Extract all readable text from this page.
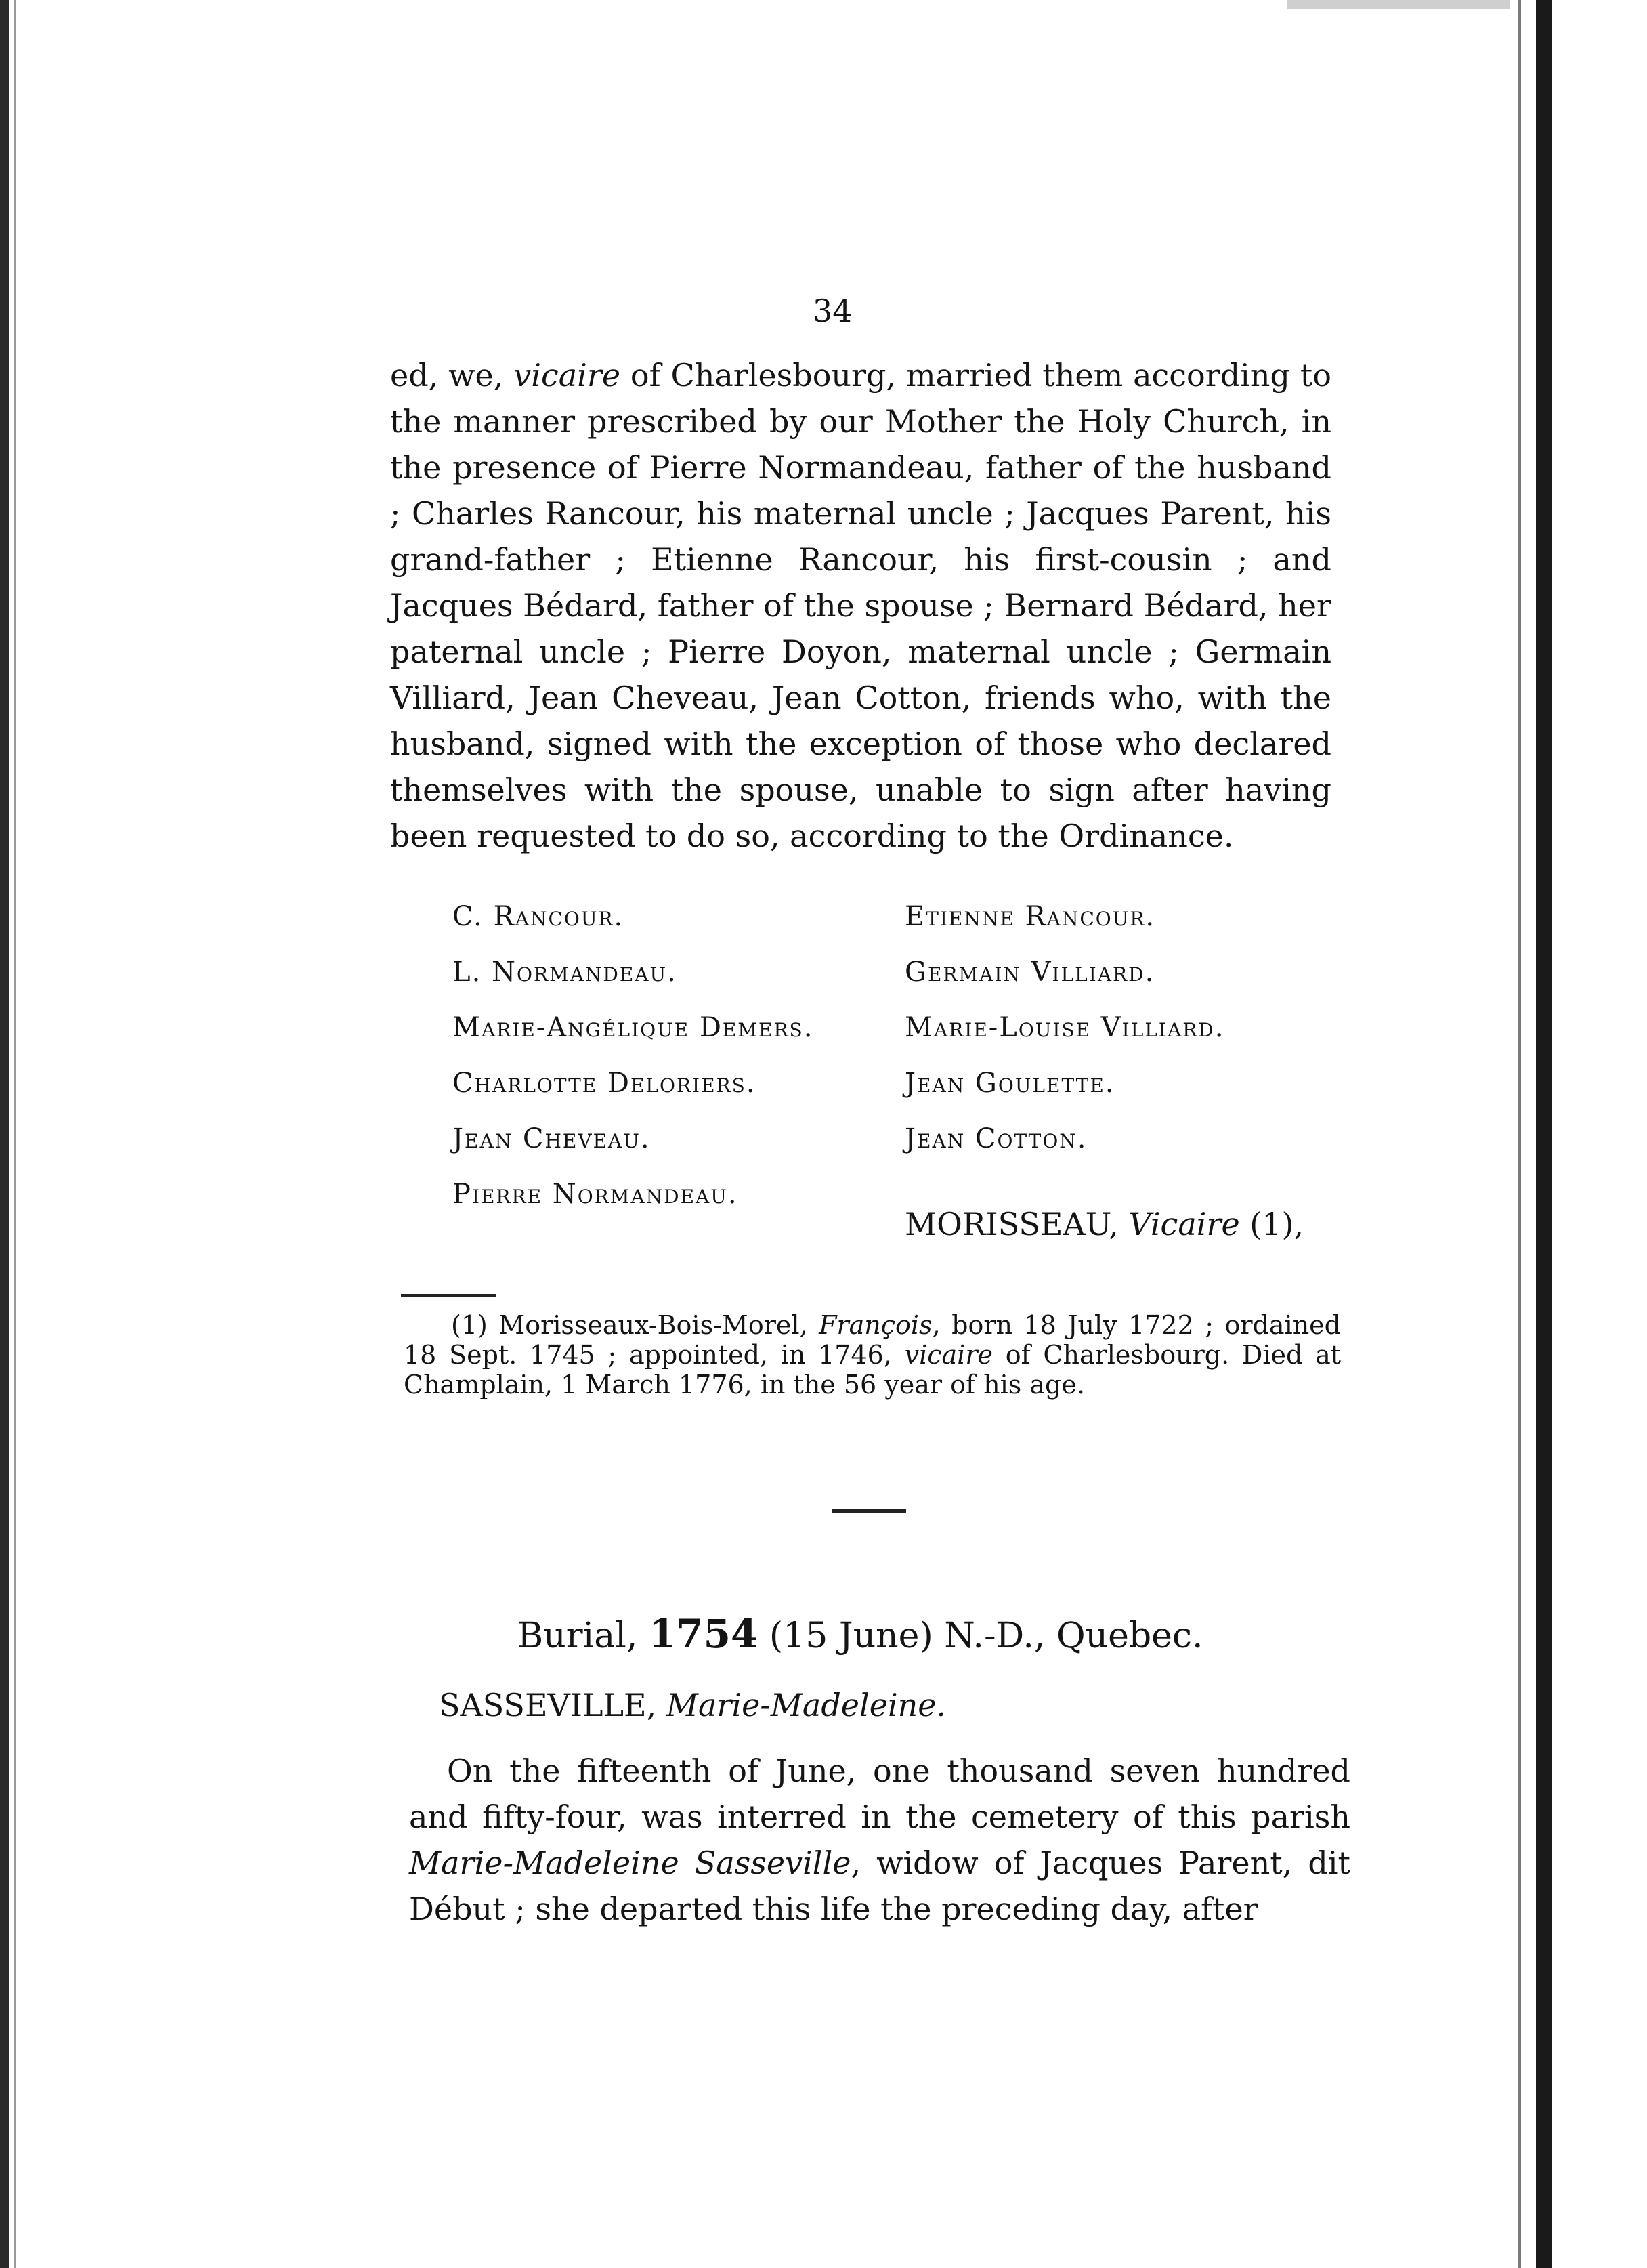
34

ed, we, vicaire of Charlesbourg, married them according to the manner prescribed by our Mother the Holy Church, in the presence of Pierre Normandeau, father of the husband ; Charles Rancour, his maternal uncle ; Jacques Parent, his grand-father ; Etienne Rancour, his first-cousin ; and Jacques Bédard, father of the spouse ; Bernard Bédard, her paternal uncle ; Pierre Doyon, maternal uncle ; Germain Villiard, Jean Cheveau, Jean Cotton, friends who, with the husband, signed with the exception of those who declared themselves with the spouse, unable to sign after having been requested to do so, according to the Ordinance.

C. Rancour.
L. Normandeau.
Marie-Angélique Demers.
Charlotte Deloriers.
Jean Cheveau.
Pierre Normandeau.
Etienne Rancour.
Germain Villiard.
Marie-Louise Villiard.
Jean Goulette.
Jean Cotton.
MORISSEAU, Vicaire (1),
(1) Morisseaux-Bois-Morel, François, born 18 July 1722 ; ordained 18 Sept. 1745 ; appointed, in 1746, vicaire of Charlesbourg. Died at Champlain, 1 March 1776, in the 56 year of his age.
Burial, 1754 (15 June) N.-D., Quebec.
SASSEVILLE, Marie-Madeleine.

On the fifteenth of June, one thousand seven hundred and fifty-four, was interred in the cemetery of this parish Marie-Madeleine Sasseville, widow of Jacques Parent, dit Début ; she departed this life the preceding day, after
